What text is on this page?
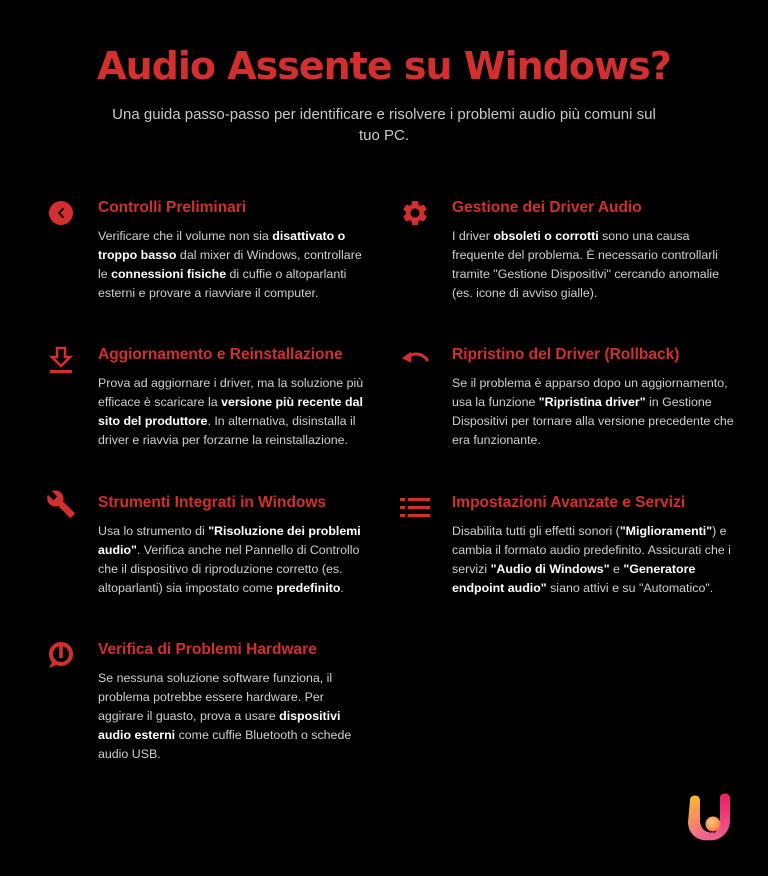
Audio Assente su Windows?

Una guida passo-passo per identificare e risolvere i problemi audio più comuni sul tuo PC.

Controlli Preliminari

Verificare che il volume non sia disattivato o troppo basso dal mixer di Windows, controllare le connessioni fisiche di cuffie o altoparlanti esterni e provare a riavviare il computer.

Gestione dei Driver Audio

I driver obsoleti o corrotti sono una causa frequente del problema. È necessario controllarli tramite "Gestione Dispositivi" cercando anomalie (es. icone di avviso gialle).

Aggiornamento e Reinstallazione

Prova ad aggiornare i driver, ma la soluzione più efficace è scaricare la versione più recente dal sito del produttore. In alternativa, disinstalla il driver e riavvia per forzarne la reinstallazione.

Ripristino del Driver (Rollback)

Se il problema è apparso dopo un aggiornamento, usa la funzione "Ripristina driver" in Gestione Dispositivi per tornare alla versione precedente che era funzionante.

Strumenti Integrati in Windows

Usa lo strumento di "Risoluzione dei problemi audio". Verifica anche nel Pannello di Controllo che il dispositivo di riproduzione corretto (es. altoparlanti) sia impostato come predefinito.

Impostazioni Avanzate e Servizi

Disabilita tutti gli effetti sonori ("Miglioramenti") e cambia il formato audio predefinito. Assicurati che i servizi "Audio di Windows" e "Generatore endpoint audio" siano attivi e su "Automatico".

Verifica di Problemi Hardware

Se nessuna soluzione software funziona, il problema potrebbe essere hardware. Per aggirare il guasto, prova a usare dispositivi audio esterni come cuffie Bluetooth o schede audio USB.
